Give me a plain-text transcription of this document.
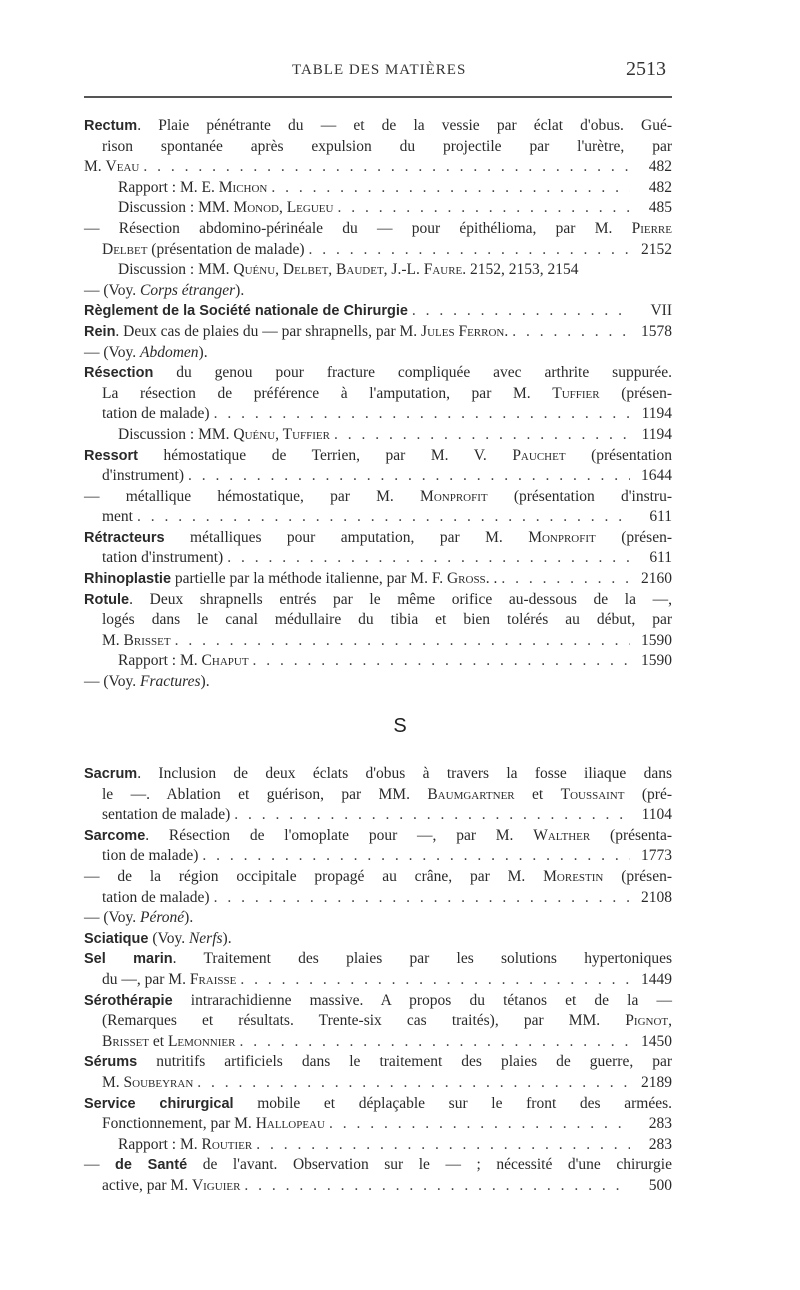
TABLE DES MATIÈRES	2513
Rectum. Plaie pénétrante du — et de la vessie par éclat d'obus. Gué-
rison spontanée après expulsion du projectile par l'urètre, par
M. Veau . . .	482
Rapport : M. E. Michon . . .	482
Discussion : MM. Monod, Legueu . . .	485
— Résection abdomino-périnéale du — pour épithélioma, par M. Pierre
Delbet (présentation de malade) . . .	2152
Discussion : MM. Quénu, Delbet, Baudet, J.-L. Faure. 2152, 2153, 2154
— (Voy. Corps étranger).
Règlement de la Société nationale de Chirurgie . . .	VII
Rein. Deux cas de plaies du — par shrapnells, par M. Jules Ferron. . . .	1578
— (Voy. Abdomen).
Résection du genou pour fracture compliquée avec arthrite suppurée.
La résection de préférence à l'amputation, par M. Tuffier (présen-
tation de malade) . . .	1194
Discussion : MM. Quénu, Tuffier . . .	1194
Ressort hémostatique de Terrien, par M. V. Pauchet (présentation
d'instrument) . . .	1644
— métallique hémostatique, par M. Monprofit (présentation d'instru-
ment . . .	611
Rétracteurs métalliques pour amputation, par M. Monprofit (présen-
tation d'instrument) . . .	611
Rhinoplastie partielle par la méthode italienne, par M. F. Gross. . . . .	2160
Rotule. Deux shrapnells entrés par le même orifice au-dessous de la —,
logés dans le canal médullaire du tibia et bien tolérés au début, par
M. Brisset . . .	1590
Rapport : M. Chaput . . .	1590
— (Voy. Fractures).
S
Sacrum. Inclusion de deux éclats d'obus à travers la fosse iliaque dans
le —. Ablation et guérison, par MM. Baumgartner et Toussaint (pré-
sentation de malade) . . .	1104
Sarcome. Résection de l'omoplate pour —, par M. Walther (présenta-
tion de malade) . . .	1773
— de la région occipitale propagé au crâne, par M. Morestin (présen-
tation de malade) . . .	2108
— (Voy. Péroné).
Sciatique (Voy. Nerfs).
Sel marin. Traitement des plaies par les solutions hypertoniques
du —, par M. Fraisse . . .	1449
Sérothérapie intrarachidienne massive. A propos du tétanos et de la —
(Remarques et résultats. Trente-six cas traités), par MM. Pignot,
Brisset et Lemonnier . . .	1450
Sérums nutritifs artificiels dans le traitement des plaies de guerre, par
M. Soubeyran . . .	2189
Service chirurgical mobile et déplaçable sur le front des armées.
Fonctionnement, par M. Hallopeau . . .	283
Rapport : M. Routier . . .	283
— de Santé de l'avant. Observation sur le — ; nécessité d'une chirurgie
active, par M. Viguier . . .	500
